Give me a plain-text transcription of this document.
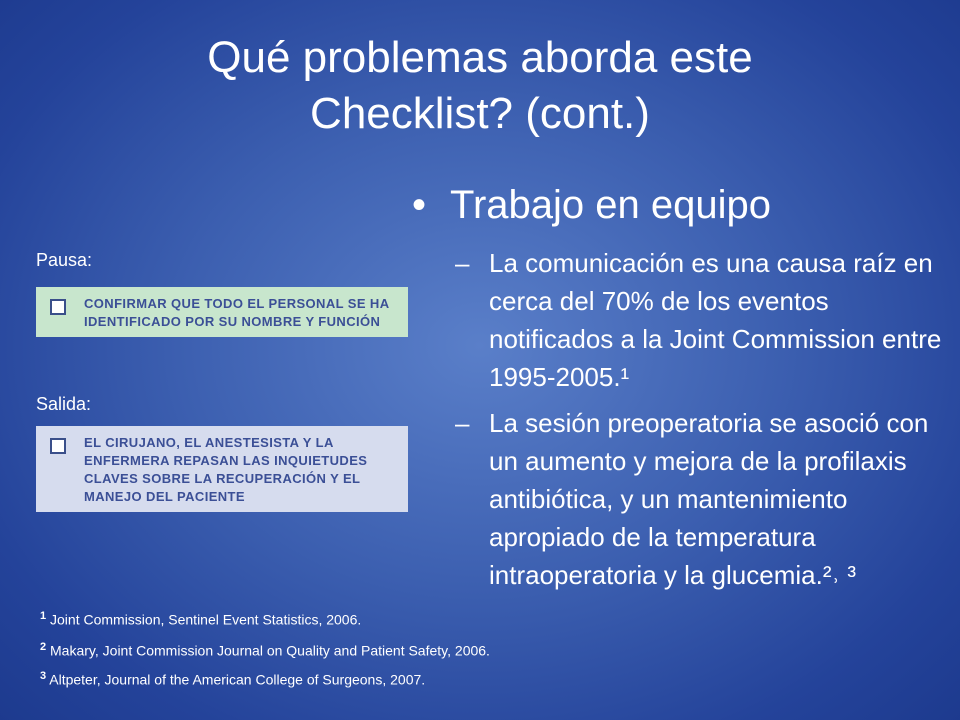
Qué problemas aborda este
Checklist? (cont.)
• Trabajo en equipo
– La comunicación es una causa raíz en cerca del 70% de los eventos notificados a la Joint Commission entre 1995-2005.¹
– La sesión preoperatoria se asoció con un aumento y mejora de la profilaxis antibiótica, y un mantenimiento apropiado de la temperatura intraoperatoria y la glucemia.²˒ ³
Pausa:
CONFIRMAR QUE TODO EL PERSONAL SE HA IDENTIFICADO POR SU NOMBRE Y FUNCIÓN
Salida:
EL CIRUJANO, EL ANESTESISTA Y LA ENFERMERA REPASAN LAS INQUIETUDES CLAVES SOBRE LA RECUPERACIÓN Y EL MANEJO DEL PACIENTE
$^1$ Joint Commission, Sentinel Event Statistics, 2006.
$^2$ Makary, Joint Commission Journal on Quality and Patient Safety, 2006.
$^3$ Altpeter, Journal of the American College of Surgeons, 2007.
